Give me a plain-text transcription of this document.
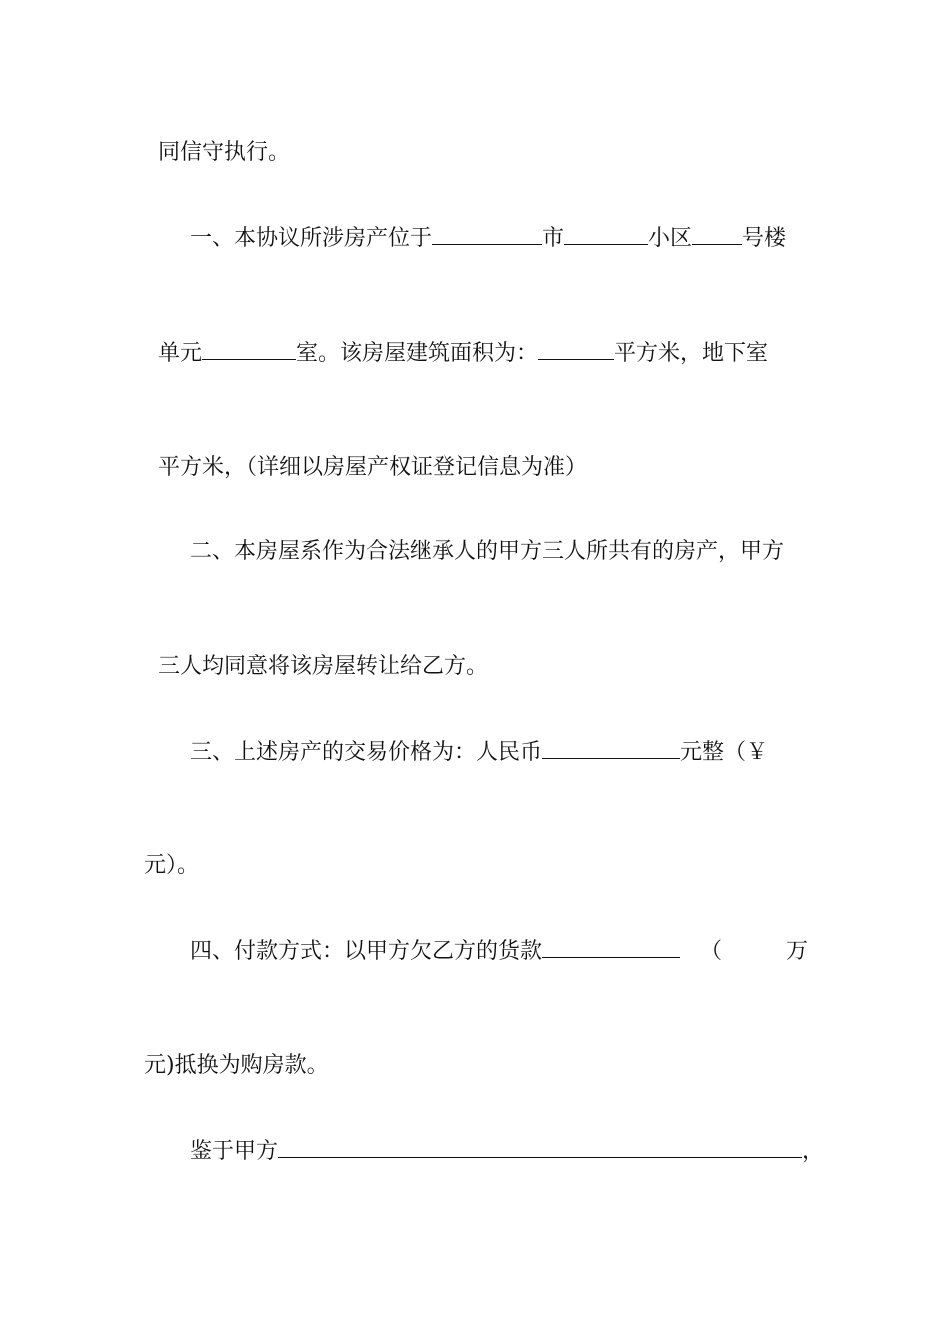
同信守执行。
一、本协议所涉房产位于	市	小区 号楼
单元	室。该房屋建筑面积为：	平方米，地下室
平方米，（详细以房屋产权证登记信息为准）
二、本房屋系作为合法继承人的甲方三人所共有的房产，甲方
三人均同意将该房屋转让给乙方。
三、上述房产的交易价格为：人民币	元整（￥
元）。
四、付款方式：以甲方欠乙方的货款	（	万
元)抵换为购房款。
鉴于甲方	，
